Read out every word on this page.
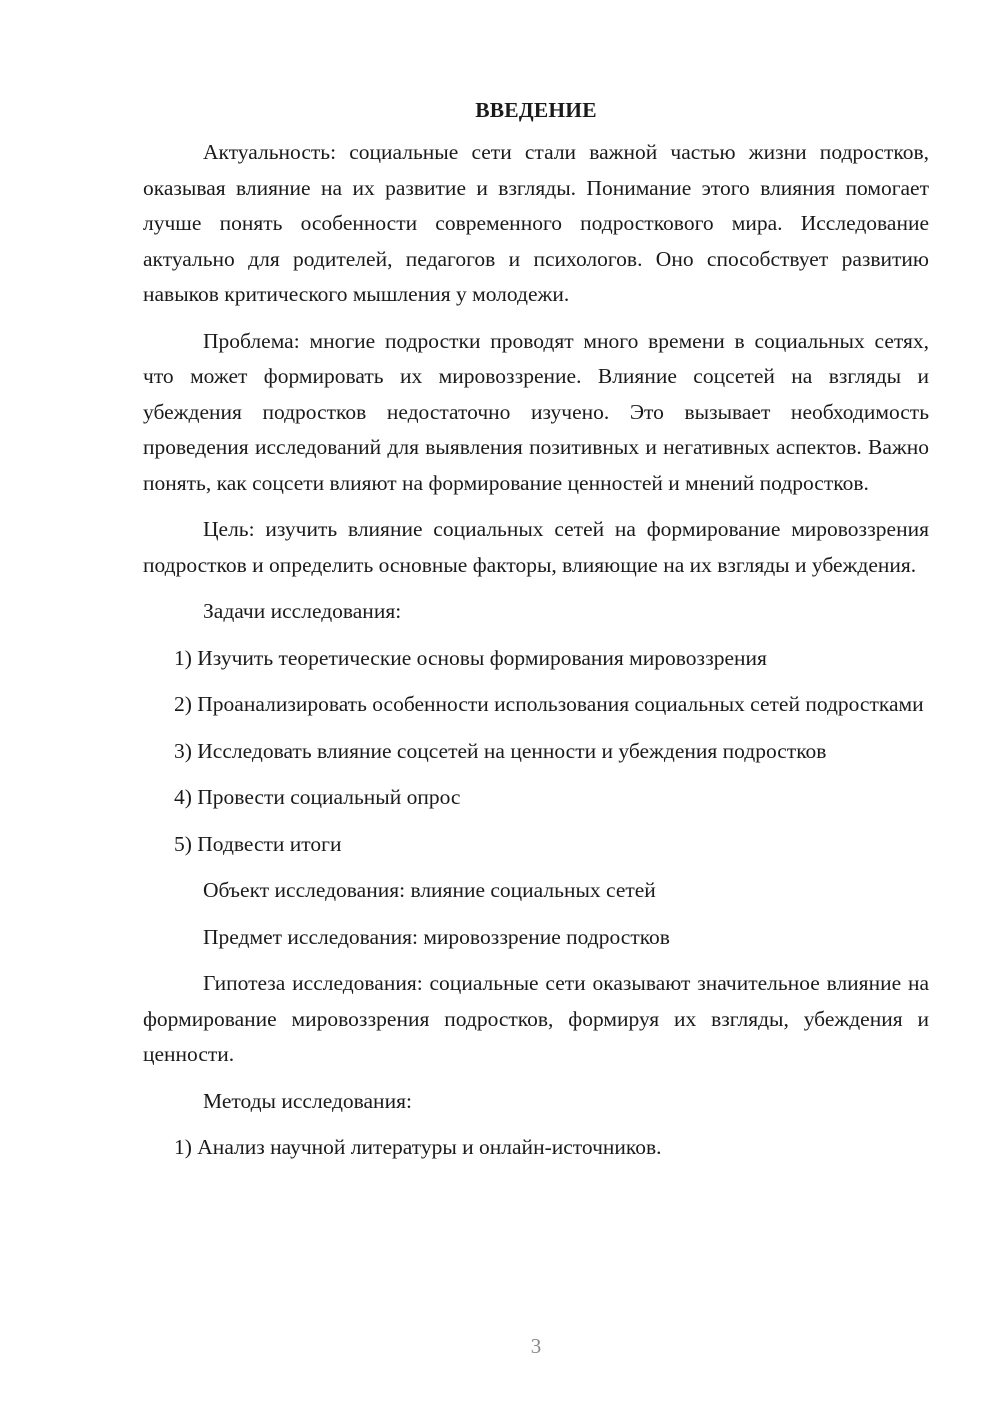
ВВЕДЕНИЕ

Актуальность: социальные сети стали важной частью жизни подростков, оказывая влияние на их развитие и взгляды. Понимание этого влияния помогает лучше понять особенности современного подросткового мира. Исследование актуально для родителей, педагогов и психологов. Оно способствует развитию навыков критического мышления у молодежи.

Проблема: многие подростки проводят много времени в социальных сетях, что может формировать их мировоззрение. Влияние соцсетей на взгляды и убеждения подростков недостаточно изучено. Это вызывает необходимость проведения исследований для выявления позитивных и негативных аспектов. Важно понять, как соцсети влияют на формирование ценностей и мнений подростков.

Цель: изучить влияние социальных сетей на формирование мировоззрения подростков и определить основные факторы, влияющие на их взгляды и убеждения.

Задачи исследования:

1) Изучить теоретические основы формирования мировоззрения

2) Проанализировать особенности использования социальных сетей подростками

3) Исследовать влияние соцсетей на ценности и убеждения подростков

4) Провести социальный опрос

5) Подвести итоги

Объект исследования: влияние социальных сетей

Предмет исследования: мировоззрение подростков

Гипотеза исследования: социальные сети оказывают значительное влияние на формирование мировоззрения подростков, формируя их взгляды, убеждения и ценности.

Методы исследования:

1) Анализ научной литературы и онлайн-источников.

3
